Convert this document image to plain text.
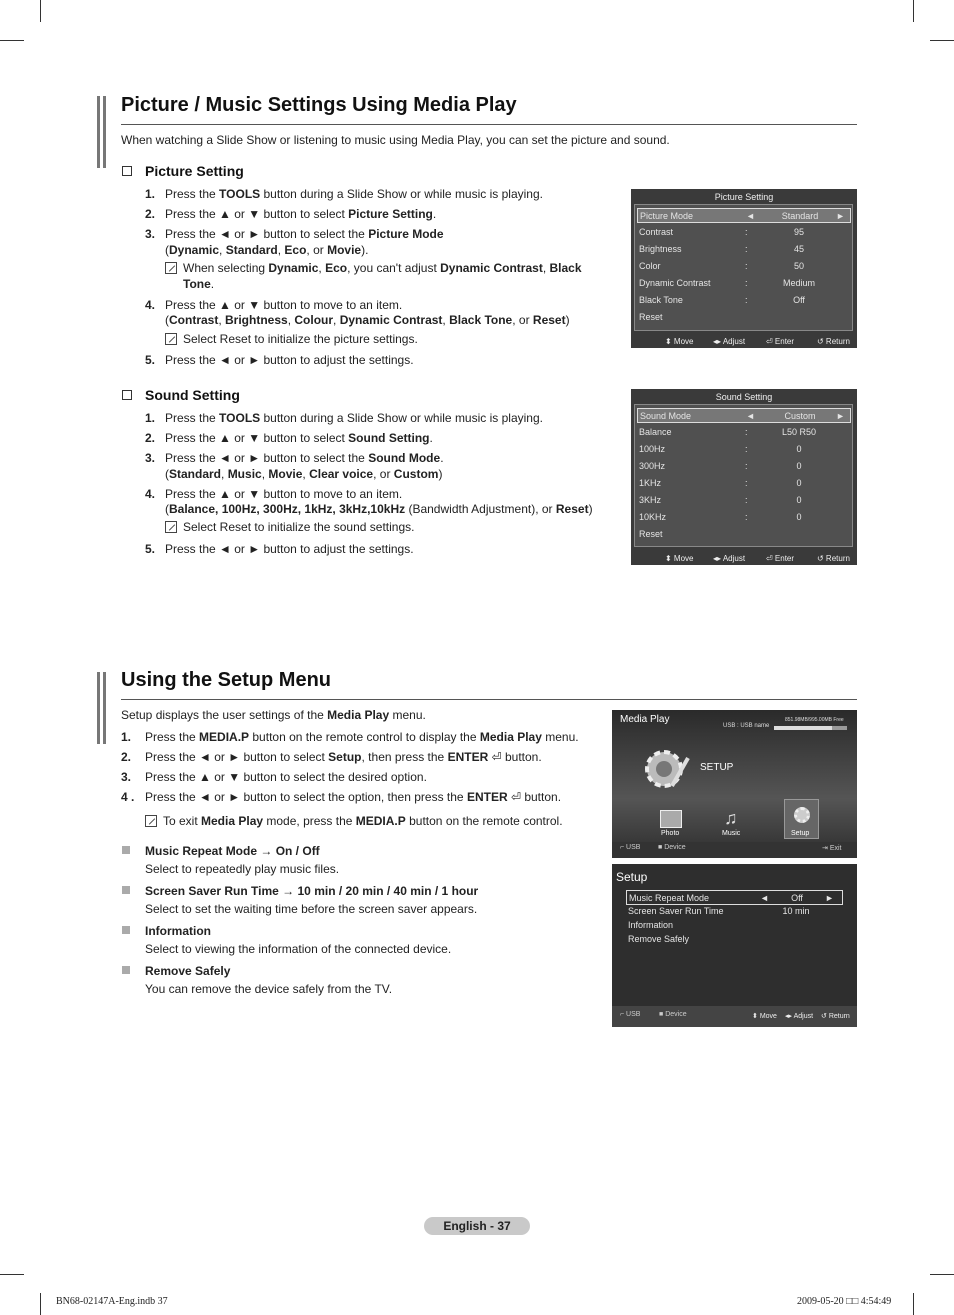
Picture / Music Settings Using Media Play
When watching a Slide Show or listening to music using Media Play, you can set the picture and sound.
Picture Setting
1. Press the TOOLS button during a Slide Show or while music is playing.
2. Press the ▲ or ▼ button to select Picture Setting.
3. Press the ◄ or ► button to select the Picture Mode
(Dynamic, Standard, Eco, or Movie).
When selecting Dynamic, Eco, you can't adjust Dynamic Contrast, Black
Tone.
4. Press the ▲ or ▼ button to move to an item.
(Contrast, Brightness, Colour, Dynamic Contrast, Black Tone, or Reset)
Select Reset to initialize the picture settings.
5. Press the ◄ or ► button to adjust the settings.
Sound Setting
1. Press the TOOLS button during a Slide Show or while music is playing.
2. Press the ▲ or ▼ button to select Sound Setting.
3. Press the ◄ or ► button to select the Sound Mode.
(Standard, Music, Movie, Clear voice, or Custom)
4. Press the ▲ or ▼ button to move to an item.
(Balance, 100Hz, 300Hz, 1kHz, 3kHz,10kHz (Bandwidth Adjustment), or Reset)
Select Reset to initialize the sound settings.
5. Press the ◄ or ► button to adjust the settings.
Picture Setting
Picture Mode	◄	Standard	►
Contrast	:	95
Brightness	:	45
Color	:	50
Dynamic Contrast	:	Medium
Black Tone	:	Off
Reset
⬍ Move ◂▸ Adjust	⏎ Enter	↺ Return
Sound Setting
Sound Mode	◄	Custom	►
Balance	:	L50 R50
100Hz	:	0
300Hz	:	0
1KHz	:	0
3KHz	:	0
10KHz	:	0
Reset
⬍ Move ◂▸ Adjust	⏎ Enter	↺ Return
Using the Setup Menu
Setup displays the user settings of the Media Play menu.
1. Press the MEDIA.P button on the remote control to display the Media Play menu.
2. Press the ◄ or ► button to select Setup, then press the ENTER ⏎ button.
3. Press the ▲ or ▼ button to select the desired option.
4 . Press the ◄ or ► button to select the option, then press the ENTER ⏎ button.
To exit Media Play mode, press the MEDIA.P button on the remote control.
Music Repeat Mode → On / Off
Select to repeatedly play music files.
Screen Saver Run Time → 10 min / 20 min / 40 min / 1 hour
Select to set the waiting time before the screen saver appears.
Information
Select to viewing the information of the connected device.
Remove Safely
You can remove the device safely from the TV.
Media Play
USB : USB name
851.98MB/995.00MB Free
SETUP
Photo
♫
Music	Setup
⌐ USB	■ Device	⇥ Exit
Setup
⌐ USB	■ Device	⬍ Move ◂▸ Adjust ↺ Return
Music Repeat Mode	◄	Off	►
Screen Saver Run Time	10 min
Information
Remove Safely
English - 37
BN68-02147A-Eng.indb 37	2009-05-20 □□ 4:54:49
